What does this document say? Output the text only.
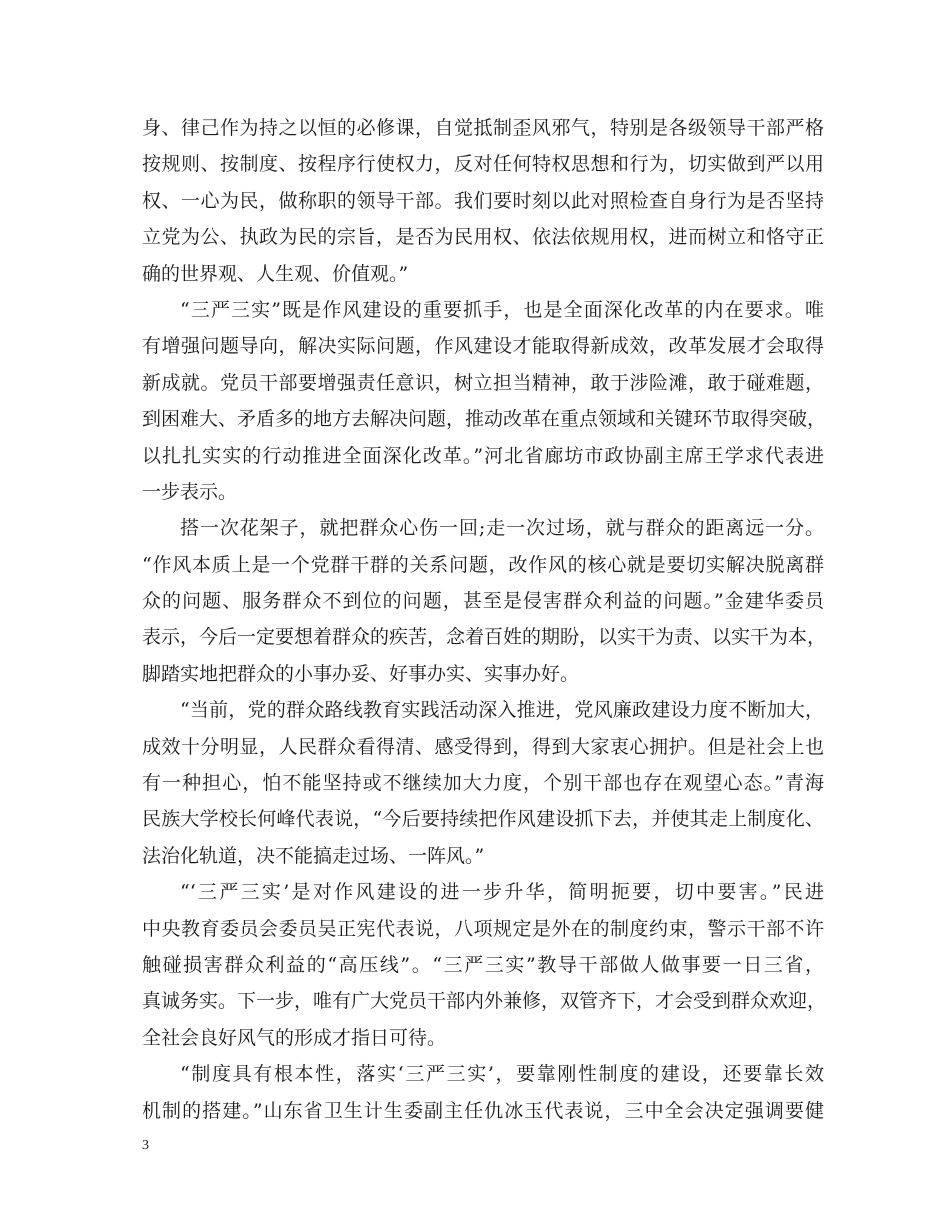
身、律己作为持之以恒的必修课，自觉抵制歪风邪气，特别是各级领导干部严格
按规则、按制度、按程序行使权力，反对任何特权思想和行为，切实做到严以用
权、一心为民，做称职的领导干部。我们要时刻以此对照检查自身行为是否坚持
立党为公、执政为民的宗旨，是否为民用权、依法依规用权，进而树立和恪守正
确的世界观、人生观、价值观。”
“三严三实”既是作风建设的重要抓手，也是全面深化改革的内在要求。唯
有增强问题导向，解决实际问题，作风建设才能取得新成效，改革发展才会取得
新成就。党员干部要增强责任意识，树立担当精神，敢于涉险滩，敢于碰难题，
到困难大、矛盾多的地方去解决问题，推动改革在重点领域和关键环节取得突破，
以扎扎实实的行动推进全面深化改革。”河北省廊坊市政协副主席王学求代表进
一步表示。
搭一次花架子，就把群众心伤一回;走一次过场，就与群众的距离远一分。
“作风本质上是一个党群干群的关系问题，改作风的核心就是要切实解决脱离群
众的问题、服务群众不到位的问题，甚至是侵害群众利益的问题。”金建华委员
表示，今后一定要想着群众的疾苦，念着百姓的期盼，以实干为责、以实干为本，
脚踏实地把群众的小事办妥、好事办实、实事办好。
“当前，党的群众路线教育实践活动深入推进，党风廉政建设力度不断加大，
成效十分明显，人民群众看得清、感受得到，得到大家衷心拥护。但是社会上也
有一种担心，怕不能坚持或不继续加大力度，个别干部也存在观望心态。”青海
民族大学校长何峰代表说，“今后要持续把作风建设抓下去，并使其走上制度化、
法治化轨道，决不能搞走过场、一阵风。”
“‘三严三实’是对作风建设的进一步升华，简明扼要，切中要害。”民进
中央教育委员会委员吴正宪代表说，八项规定是外在的制度约束，警示干部不许
触碰损害群众利益的“高压线”。“三严三实”教导干部做人做事要一日三省，
真诚务实。下一步，唯有广大党员干部内外兼修，双管齐下，才会受到群众欢迎，
全社会良好风气的形成才指日可待。
“制度具有根本性，落实‘三严三实’，要靠刚性制度的建设，还要靠长效
机制的搭建。”山东省卫生计生委副主任仇冰玉代表说，三中全会决定强调要健
3
